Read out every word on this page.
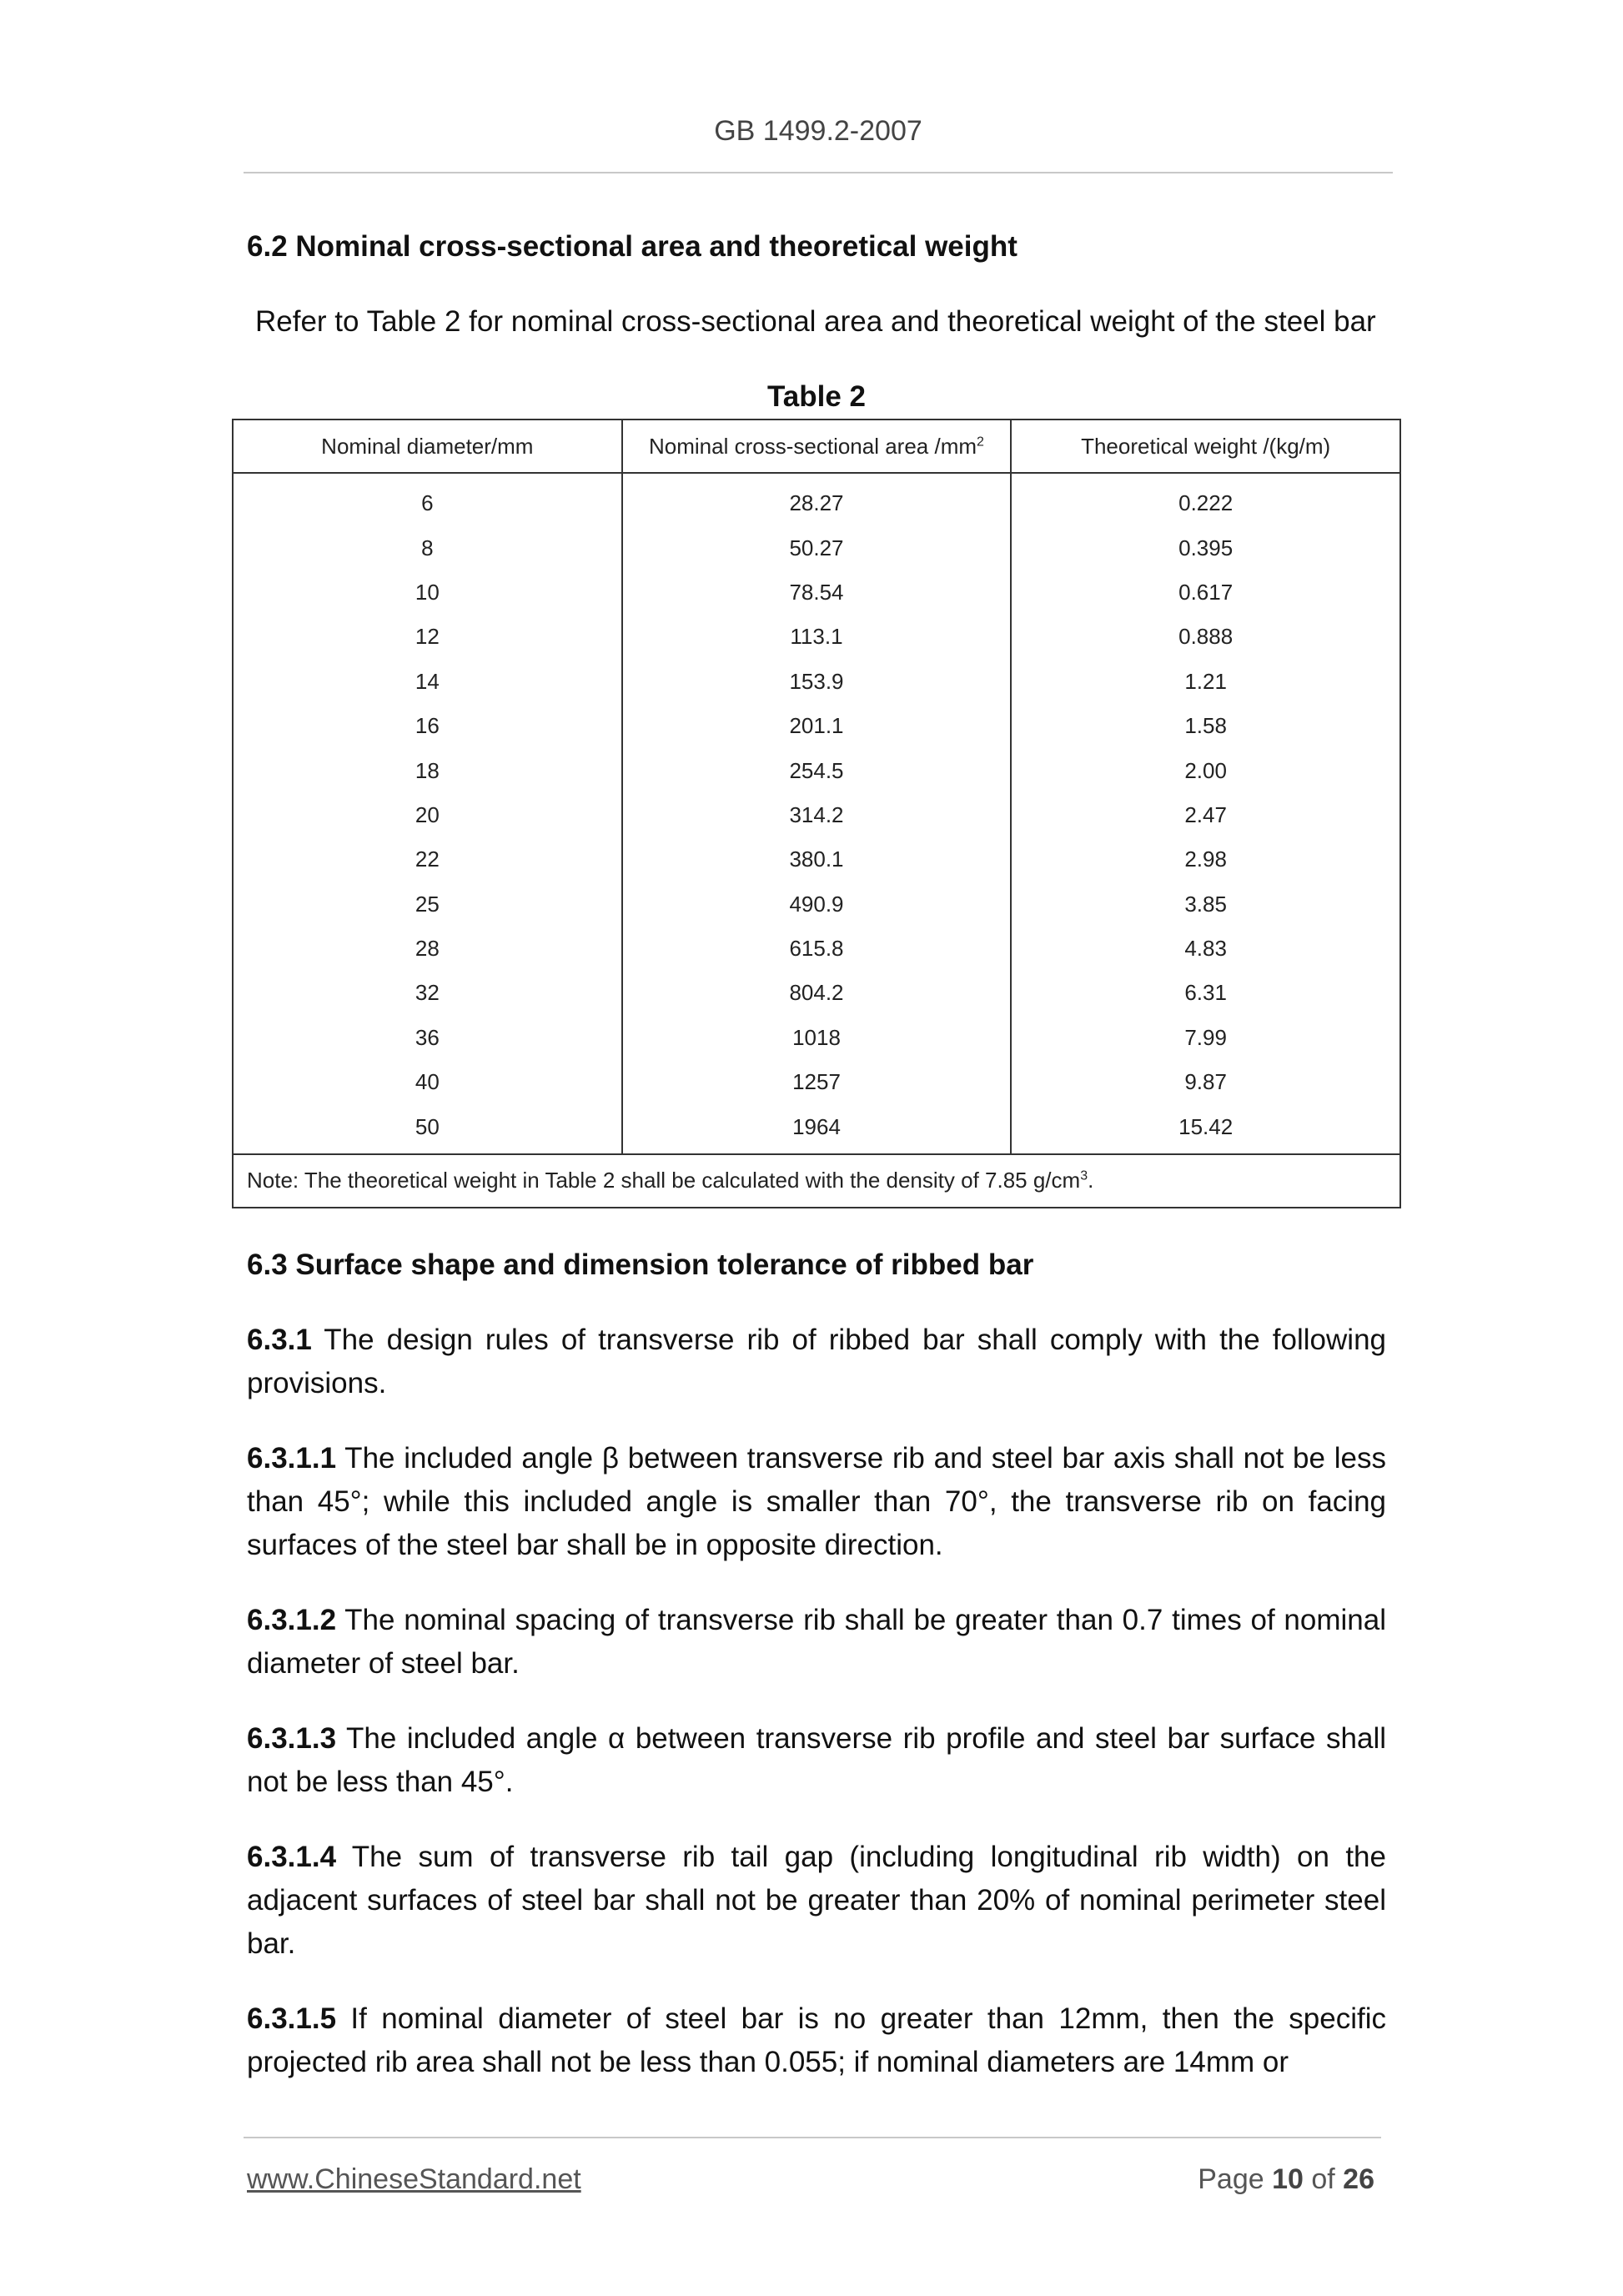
GB 1499.2-2007
6.2 Nominal cross-sectional area and theoretical weight

Refer to Table 2 for nominal cross-sectional area and theoretical weight of the steel bar

Table 2

Nominal diameter/mm	Nominal cross-sectional area $/mm^2$	Theoretical weight /(kg/m)
6	28.27	0.222
8	50.27	0.395
10	78.54	0.617
12	113.1	0.888
14	153.9	1.21
16	201.1	1.58
18	254.5	2.00
20	314.2	2.47
22	380.1	2.98
25	490.9	3.85
28	615.8	4.83
32	804.2	6.31
36	1018	7.99
40	1257	9.87
50	1964	15.42
Note: The theoretical weight in Table 2 shall be calculated with the density of 7.85 $g/cm^3$.		
6.3 Surface shape and dimension tolerance of ribbed bar

6.3.1 The design rules of transverse rib of ribbed bar shall comply with the following provisions.

6.3.1.1 The included angle β between transverse rib and steel bar axis shall not be less than 45°; while this included angle is smaller than 70°, the transverse rib on facing surfaces of the steel bar shall be in opposite direction.

6.3.1.2 The nominal spacing of transverse rib shall be greater than 0.7 times of nominal diameter of steel bar.

6.3.1.3 The included angle α between transverse rib profile and steel bar surface shall not be less than 45°.

6.3.1.4 The sum of transverse rib tail gap (including longitudinal rib width) on the adjacent surfaces of steel bar shall not be greater than 20% of nominal perimeter steel bar.

6.3.1.5 If nominal diameter of steel bar is no greater than 12mm, then the specific projected rib area shall not be less than 0.055; if nominal diameters are 14mm or

www.ChineseStandard.net	Page 10 of 26
